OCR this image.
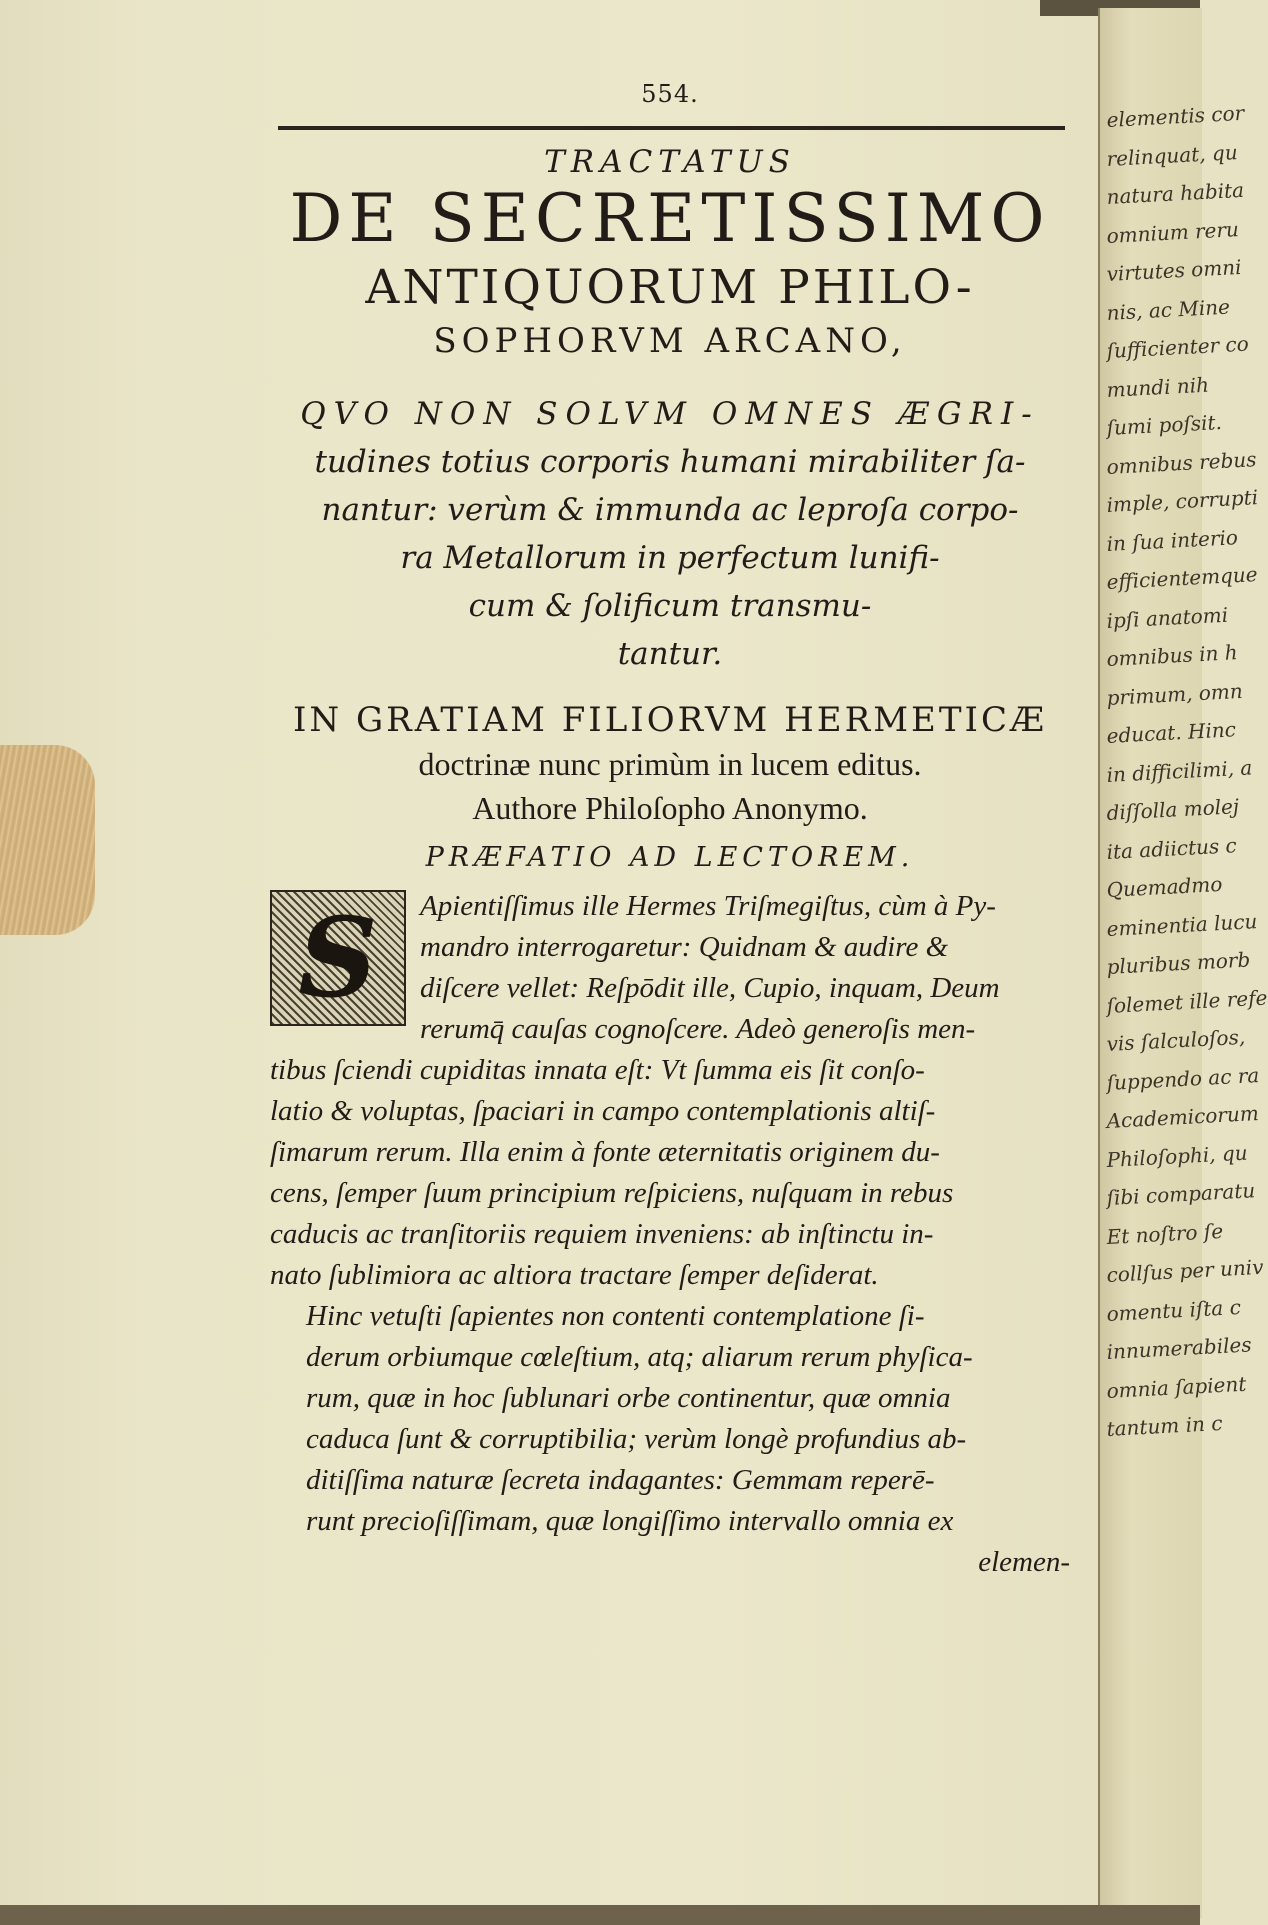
elementis cor
relinquat, qu
natura habita
omnium reru
virtutes omni
nis, ac Mine
ſufficienter co
mundi nih
ſumi poſsit.
omnibus rebus
imple, corrupti
in ſua interio
efficientemque
ipſi anatomi
omnibus in h
primum, omn
educat. Hinc
in difficilimi, a
diſſolla molej
ita adiictus c
Quemadmo
eminentia lucu
pluribus morb
ſolemet ille refe
vis ſalculoſos,
ſuppendo ac ra
Academicorum
Philoſophi, qu
ſibi comparatu
Et noſtro ſe
collſus per univ
omentu iſta c
innumerabiles
omnia ſapient
tantum in c
554.
TRACTATUS
DE SECRETISSIMO
ANTIQUORUM PHILO-
SOPHORVM ARCANO,
QVO NON SOLVM OMNES ÆGRI-
tudines totius corporis humani mirabiliter ſa-
nantur: verùm & immunda ac leproſa corpo-
ra Metallorum in perfectum lunifi-
cum & ſolificum transmu-
tantur.
IN GRATIAM FILIORVM HERMETICÆ
doctrinæ nunc primùm in lucem editus.
Authore Philoſopho Anonymo.
PRÆFATIO AD LECTOREM.
S	Apientiſſimus ille Hermes Triſmegiſtus, cùm à Py-
mandro interrogaretur: Quidnam & audire &
diſcere vellet: Reſpōdit ille, Cupio, inquam, Deum
rerumq̄ cauſas cognoſcere. Adeò generoſis men-
tibus ſciendi cupiditas innata eſt: Vt ſumma eis ſit conſo-
latio & voluptas, ſpaciari in campo contemplationis altiſ-
ſimarum rerum. Illa enim à fonte æternitatis originem du-
cens, ſemper ſuum principium reſpiciens, nuſquam in rebus
caducis ac tranſitoriis requiem inveniens: ab inſtinctu in-
nato ſublimiora ac altiora tractare ſemper deſiderat.

Hinc vetuſti ſapientes non contenti contemplatione ſi-
derum orbiumque cœleſtium, atq; aliarum rerum phyſica-
rum, quæ in hoc ſublunari orbe continentur, quæ omnia
caduca ſunt & corruptibilia; verùm longè profundius ab-
ditiſſima naturæ ſecreta indagantes: Gemmam reperē-
runt precioſiſſimam, quæ longiſſimo intervallo omnia ex

elemen-
